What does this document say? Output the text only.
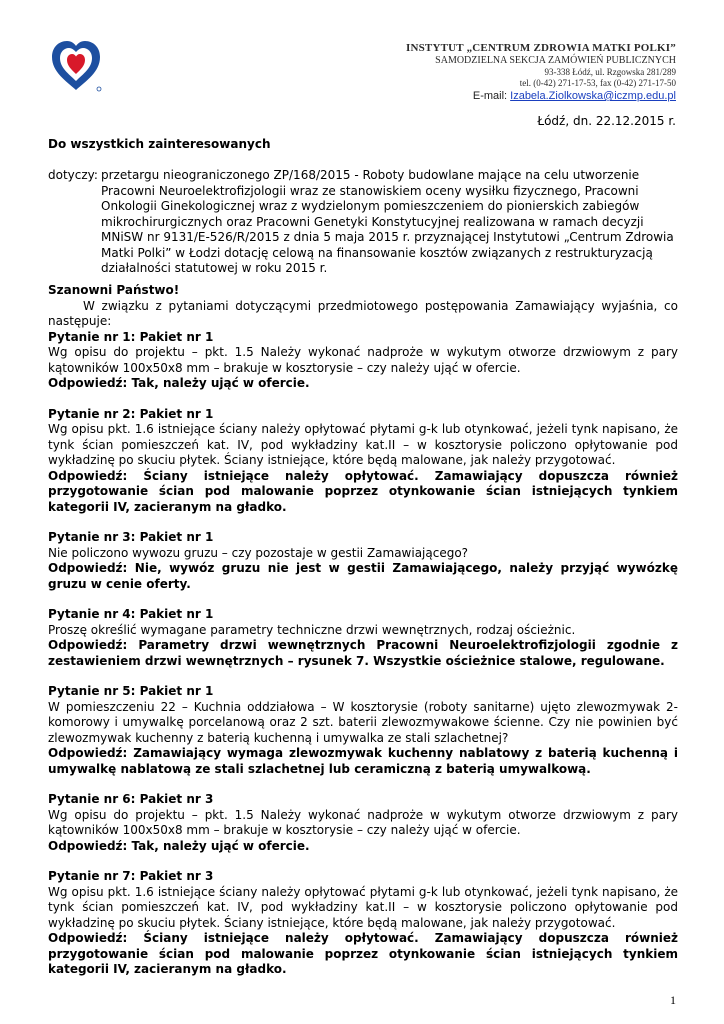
INSTYTUT „CENTRUM ZDROWIA MATKI POLKI”
SAMODZIELNA SEKCJA ZAMÓWIEŃ PUBLICZNYCH
93-338 Łódź, ul. Rzgowska 281/289
tel. (0-42) 271-17-53, fax (0-42) 271-17-50
E-mail: Izabela.Ziolkowska@iczmp.edu.pl
Łódź, dn. 22.12.2015 r.
Do wszystkich zainteresowanych
dotyczy: przetargu nieograniczonego ZP/168/2015 - Roboty budowlane mające na celu utworzenie Pracowni Neuroelektrofizjologii wraz ze stanowiskiem oceny wysiłku fizycznego, Pracowni Onkologii Ginekologicznej wraz z wydzielonym pomieszczeniem do pionierskich zabiegów mikrochirurgicznych oraz Pracowni Genetyki Konstytucyjnej realizowana w ramach decyzji MNiSW nr 9131/E-526/R/2015 z dnia 5 maja 2015 r. przyznającej Instytutowi „Centrum Zdrowia Matki Polki” w Łodzi dotację celową na finansowanie kosztów związanych z restrukturyzacją działalności statutowej w roku 2015 r.

Szanowni Państwo!

W związku z pytaniami dotyczącymi przedmiotowego postępowania Zamawiający wyjaśnia, co następuje:

Pytanie nr 1: Pakiet nr 1

Wg opisu do projektu – pkt. 1.5 Należy wykonać nadproże w wykutym otworze drzwiowym z pary kątowników 100x50x8 mm – brakuje w kosztorysie – czy należy ująć w ofercie.

Odpowiedź: Tak, należy ująć w ofercie.

Pytanie nr 2: Pakiet nr 1

Wg opisu pkt. 1.6 istniejące ściany należy opłytować płytami g-k lub otynkować, jeżeli tynk napisano, że tynk ścian pomieszczeń kat. IV, pod wykładziny kat.II – w kosztorysie policzono opłytowanie pod wykładzinę po skuciu płytek. Ściany istniejące, które będą malowane, jak należy przygotować.

Odpowiedź: Ściany istniejące należy opłytować. Zamawiający dopuszcza również przygotowanie ścian pod malowanie poprzez otynkowanie ścian istniejących tynkiem kategorii IV, zacieranym na gładko.

Pytanie nr 3: Pakiet nr 1

Nie policzono wywozu gruzu – czy pozostaje w gestii Zamawiającego?

Odpowiedź: Nie, wywóz gruzu nie jest w gestii Zamawiającego, należy przyjąć wywózkę gruzu w cenie oferty.

Pytanie nr 4: Pakiet nr 1

Proszę określić wymagane parametry techniczne drzwi wewnętrznych, rodzaj ościeżnic.

Odpowiedź: Parametry drzwi wewnętrznych Pracowni Neuroelektrofizjologii zgodnie z zestawieniem drzwi wewnętrznych – rysunek 7. Wszystkie ościeżnice stalowe, regulowane.

Pytanie nr 5: Pakiet nr 1

W pomieszczeniu 22 – Kuchnia oddziałowa – W kosztorysie (roboty sanitarne) ujęto zlewozmywak 2-komorowy i umywalkę porcelanową oraz 2 szt. baterii zlewozmywakowe ścienne. Czy nie powinien być zlewozmywak kuchenny z baterią kuchenną i umywalka ze stali szlachetnej?

Odpowiedź: Zamawiający wymaga zlewozmywak kuchenny nablatowy z baterią kuchenną i umywalkę nablatową ze stali szlachetnej lub ceramiczną z baterią umywalkową.

Pytanie nr 6: Pakiet nr 3

Wg opisu do projektu – pkt. 1.5 Należy wykonać nadproże w wykutym otworze drzwiowym z pary kątowników 100x50x8 mm – brakuje w kosztorysie – czy należy ująć w ofercie.

Odpowiedź: Tak, należy ująć w ofercie.

Pytanie nr 7: Pakiet nr 3

Wg opisu pkt. 1.6 istniejące ściany należy opłytować płytami g-k lub otynkować, jeżeli tynk napisano, że tynk ścian pomieszczeń kat. IV, pod wykładziny kat.II – w kosztorysie policzono opłytowanie pod wykładzinę po skuciu płytek. Ściany istniejące, które będą malowane, jak należy przygotować.

Odpowiedź: Ściany istniejące należy opłytować. Zamawiający dopuszcza również przygotowanie ścian pod malowanie poprzez otynkowanie ścian istniejących tynkiem kategorii IV, zacieranym na gładko.

1
